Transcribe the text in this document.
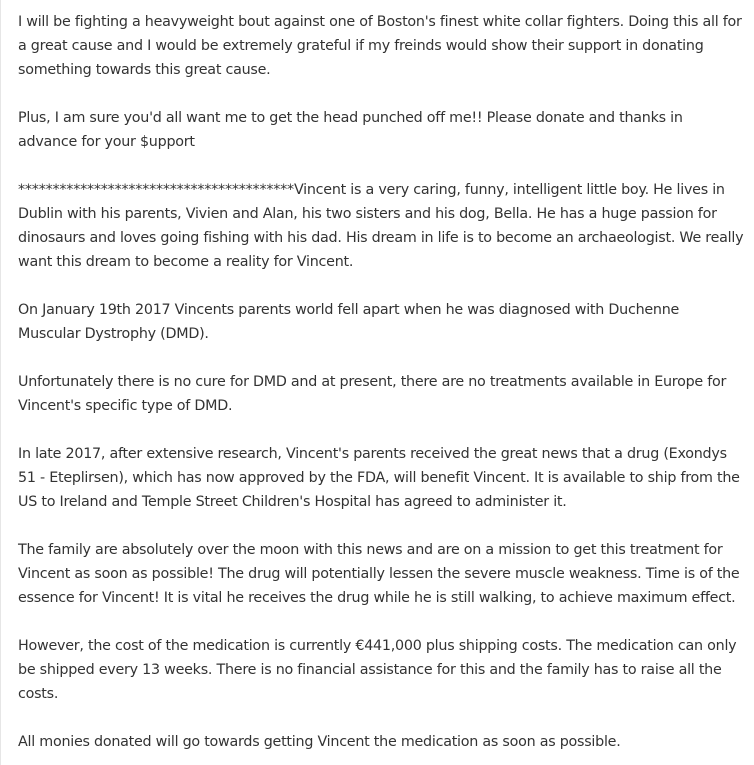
I will be fighting a heavyweight bout against one of Boston's finest white collar fighters. Doing this all for a great cause and I would be extremely grateful if my freinds would show their support in donating something towards this great cause.

Plus, I am sure you'd all want me to get the head punched off me!! Please donate and thanks in advance for your $upport

****************************************Vincent is a very caring, funny, intelligent little boy. He lives in Dublin with his parents, Vivien and Alan, his two sisters and his dog, Bella. He has a huge passion for dinosaurs and loves going fishing with his dad. His dream in life is to become an archaeologist. We really want this dream to become a reality for Vincent.

On January 19th 2017 Vincents parents world fell apart when he was diagnosed with Duchenne Muscular Dystrophy (DMD).

Unfortunately there is no cure for DMD and at present, there are no treatments available in Europe for Vincent's specific type of DMD.

In late 2017, after extensive research, Vincent's parents received the great news that a drug (Exondys 51 - Eteplirsen), which has now approved by the FDA, will benefit Vincent. It is available to ship from the US to Ireland and Temple Street Children's Hospital has agreed to administer it.

The family are absolutely over the moon with this news and are on a mission to get this treatment for Vincent as soon as possible! The drug will potentially lessen the severe muscle weakness. Time is of the essence for Vincent! It is vital he receives the drug while he is still walking, to achieve maximum effect.

However, the cost of the medication is currently €441,000 plus shipping costs. The medication can only be shipped every 13 weeks. There is no financial assistance for this and the family has to raise all the costs.

All monies donated will go towards getting Vincent the medication as soon as possible.
